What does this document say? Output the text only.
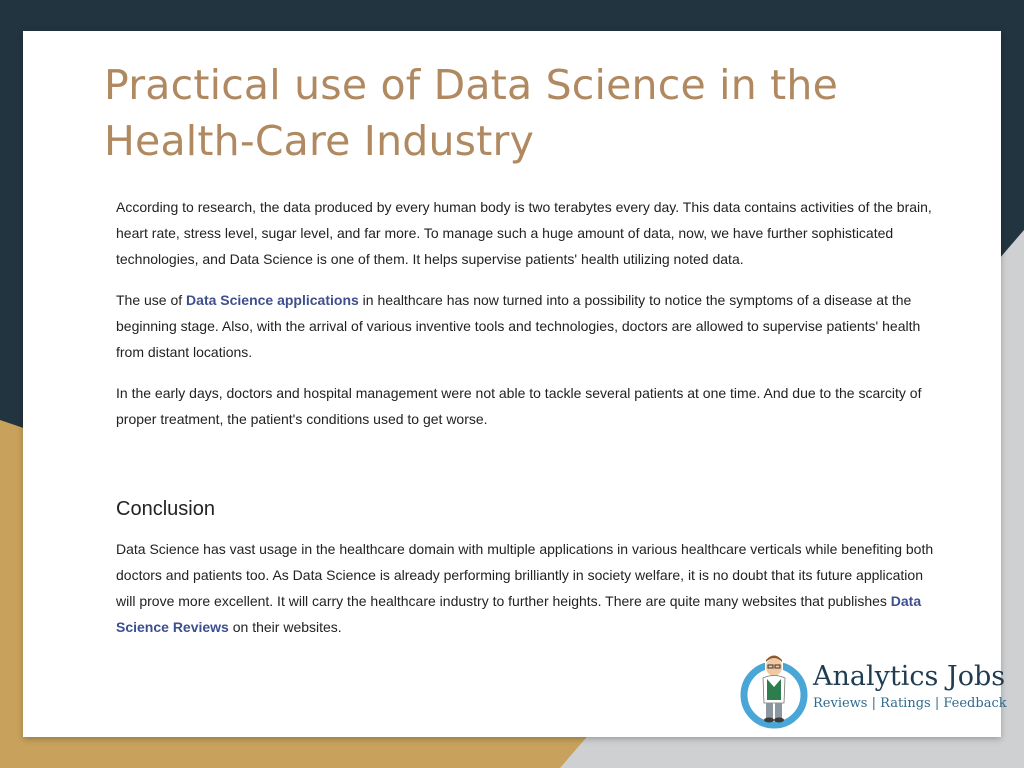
Practical use of Data Science in the Health-Care Industry

According to research, the data produced by every human body is two terabytes every day. This data contains activities of the brain, heart rate, stress level, sugar level, and far more. To manage such a huge amount of data, now, we have further sophisticated technologies, and Data Science is one of them. It helps supervise patients' health utilizing noted data.

The use of Data Science applications in healthcare has now turned into a possibility to notice the symptoms of a disease at the beginning stage. Also, with the arrival of various inventive tools and technologies, doctors are allowed to supervise patients' health from distant locations.

In the early days, doctors and hospital management were not able to tackle several patients at one time. And due to the scarcity of proper treatment, the patient's conditions used to get worse.

Conclusion

Data Science has vast usage in the healthcare domain with multiple applications in various healthcare verticals while benefiting both doctors and patients too. As Data Science is already performing brilliantly in society welfare, it is no doubt that its future application will prove more excellent. It will carry the healthcare industry to further heights. There are quite many websites that publishes Data Science Reviews on their websites.

Analytics Jobs
Reviews | Ratings | Feedback
